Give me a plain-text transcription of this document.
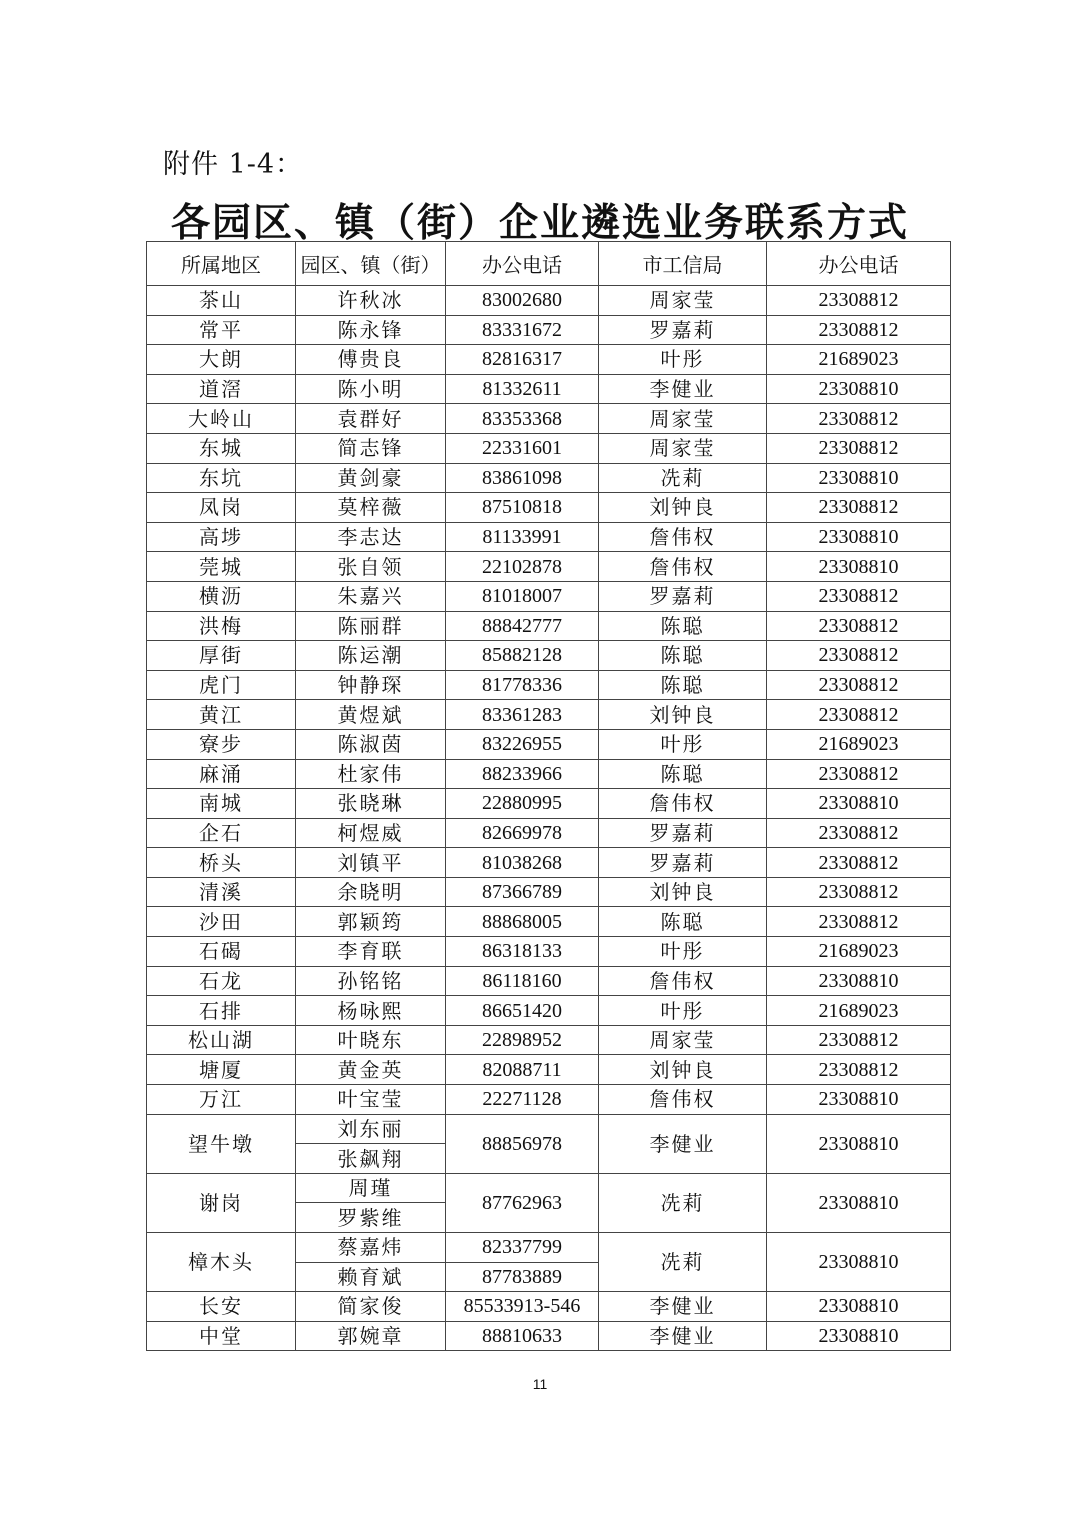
附件 1-4：
各园区、镇（街）企业遴选业务联系方式
所属地区	园区、镇（街）	办公电话	市工信局	办公电话
茶山	许秋冰	83002680	周家莹	23308812
常平	陈永锋	83331672	罗嘉莉	23308812
大朗	傅贵良	82816317	叶彤	21689023
道滘	陈小明	81332611	李健业	23308810
大岭山	袁群好	83353368	周家莹	23308812
东城	简志锋	22331601	周家莹	23308812
东坑	黄剑豪	83861098	冼莉	23308810
凤岗	莫梓薇	87510818	刘钟良	23308812
高埗	李志达	81133991	詹伟权	23308810
莞城	张自领	22102878	詹伟权	23308810
横沥	朱嘉兴	81018007	罗嘉莉	23308812
洪梅	陈丽群	88842777	陈聪	23308812
厚街	陈运潮	85882128	陈聪	23308812
虎门	钟静琛	81778336	陈聪	23308812
黄江	黄煜斌	83361283	刘钟良	23308812
寮步	陈淑茵	83226955	叶彤	21689023
麻涌	杜家伟	88233966	陈聪	23308812
南城	张晓琳	22880995	詹伟权	23308810
企石	柯煜威	82669978	罗嘉莉	23308812
桥头	刘镇平	81038268	罗嘉莉	23308812
清溪	余晓明	87366789	刘钟良	23308812
沙田	郭颖筠	88868005	陈聪	23308812
石碣	李育联	86318133	叶彤	21689023
石龙	孙铭铭	86118160	詹伟权	23308810
石排	杨咏熙	86651420	叶彤	21689023
松山湖	叶晓东	22898952	周家莹	23308812
塘厦	黄金英	82088711	刘钟良	23308812
万江	叶宝莹	22271128	詹伟权	23308810
望牛墩	刘东丽	88856978	李健业	23308810
	张飙翔			
谢岗	周瑾	87762963	冼莉	23308810
	罗紫维			
樟木头	蔡嘉炜	82337799	冼莉	23308810
	赖育斌	87783889		
长安	简家俊	85533913-546	李健业	23308810
中堂	郭婉章	88810633	李健业	23308810
11
